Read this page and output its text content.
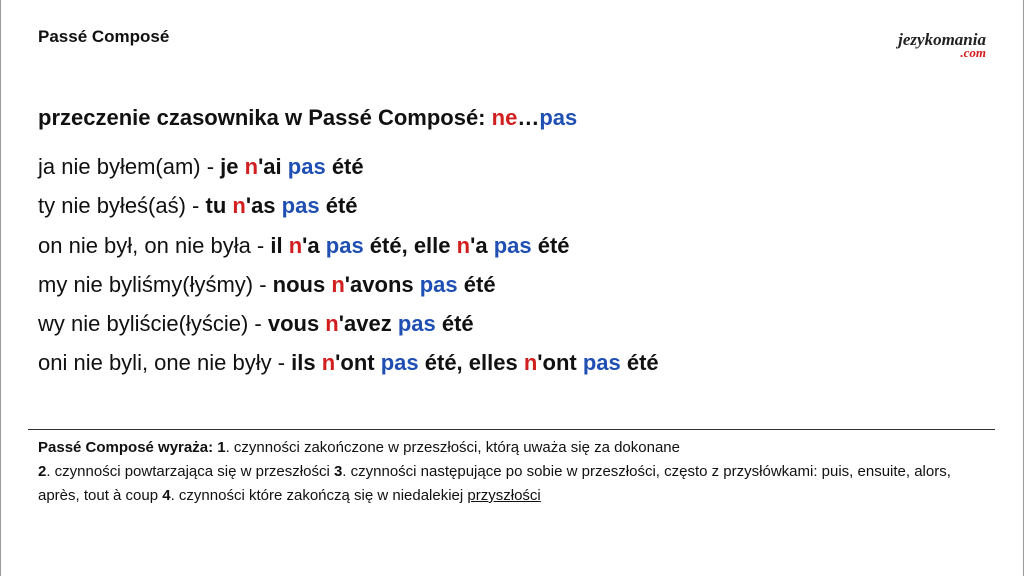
Passé Composé	jezykomania
.com
przeczenie czasownika w Passé Composé: ne…pas
ja nie byłem(am) - je n'ai pas été
ty nie byłeś(aś) - tu n'as pas été
on nie był, on nie była - il n'a pas été, elle n'a pas été
my nie byliśmy(łyśmy) - nous n'avons pas été
wy nie byliście(łyście) - vous n'avez pas été
oni nie byli, one nie były - ils n'ont pas été, elles n'ont pas été
Passé Composé wyraża: 1. czynności zakończone w przeszłości, którą uważa się za dokonane
2. czynności powtarzająca się w przeszłości 3. czynności następujące po sobie w przeszłości, często z przysłówkami: puis, ensuite, alors, après, tout à coup 4. czynności które zakończą się w niedalekiej przyszłości
